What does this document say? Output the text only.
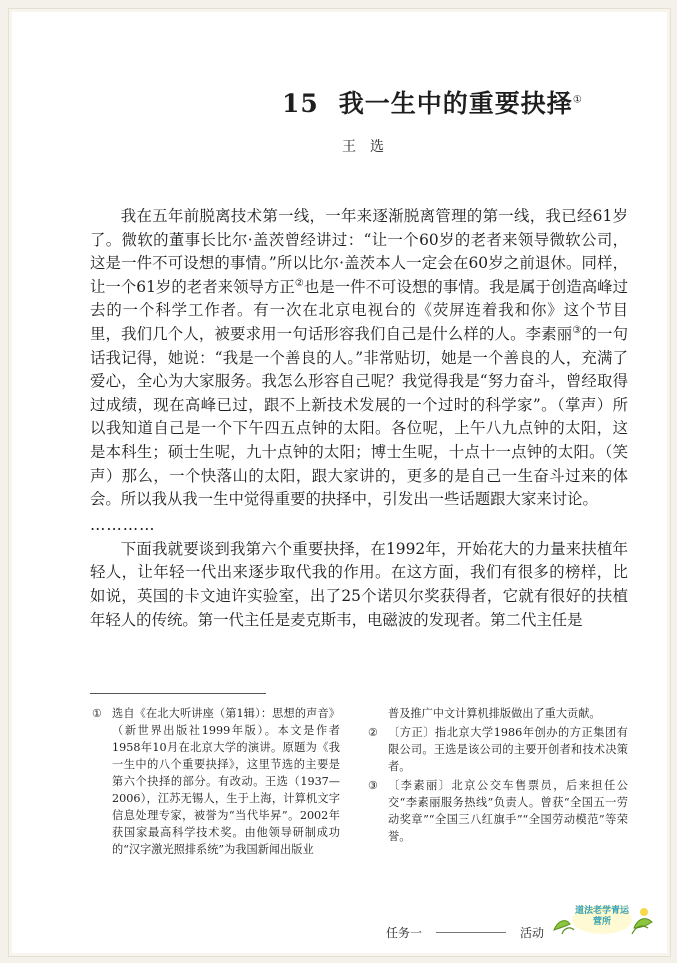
15 我一生中的重要抉择①
王选

我在五年前脱离技术第一线，一年来逐渐脱离管理的第一线，我已经61岁了。微软的董事长比尔·盖茨曾经讲过：“让一个60岁的老者来领导微软公司，这是一件不可设想的事情。”所以比尔·盖茨本人一定会在60岁之前退休。同样，让一个61岁的老者来领导方正②也是一件不可设想的事情。我是属于创造高峰过去的一个科学工作者。有一次在北京电视台的《荧屏连着我和你》这个节目里，我们几个人，被要求用一句话形容我们自己是什么样的人。李素丽③的一句话我记得，她说：“我是一个善良的人。”非常贴切，她是一个善良的人，充满了爱心，全心为大家服务。我怎么形容自己呢？我觉得我是“努力奋斗，曾经取得过成绩，现在高峰已过，跟不上新技术发展的一个过时的科学家”。（掌声）所以我知道自己是一个下午四五点钟的太阳。各位呢，上午八九点钟的太阳，这是本科生；硕士生呢，九十点钟的太阳；博士生呢，十点十一点钟的太阳。（笑声）那么，一个快落山的太阳，跟大家讲的，更多的是自己一生奋斗过来的体会。所以我从我一生中觉得重要的抉择中，引发出一些话题跟大家来讨论。

…………

下面我就要谈到我第六个重要抉择，在1992年，开始花大的力量来扶植年轻人，让年轻一代出来逐步取代我的作用。在这方面，我们有很多的榜样，比如说，英国的卡文迪许实验室，出了25个诺贝尔奖获得者，它就有很好的扶植年轻人的传统。第一代主任是麦克斯韦，电磁波的发现者。第二代主任是

① 选自《在北大听讲座（第1辑）：思想的声音》（新世界出版社1999年版）。本文是作者1958年10月在北京大学的演讲。原题为《我一生中的八个重要抉择》，这里节选的主要是第六个抉择的部分。有改动。王选（1937—2006），江苏无锡人，生于上海，计算机文字信息处理专家，被誉为“当代毕昇”。2002年获国家最高科学技术奖。由他领导研制成功的“汉字激光照排系统”为我国新闻出版业
普及推广中文计算机排版做出了重大贡献。
② 〔方正〕指北京大学1986年创办的方正集团有限公司。王选是该公司的主要开创者和技术决策者。
③ 〔李素丽〕北京公交车售票员，后来担任公交“李素丽服务热线”负责人。曾获“全国五一劳动奖章”“全国三八红旗手”“全国劳动模范”等荣誉。
任务一	活动
道法老学青运营所
